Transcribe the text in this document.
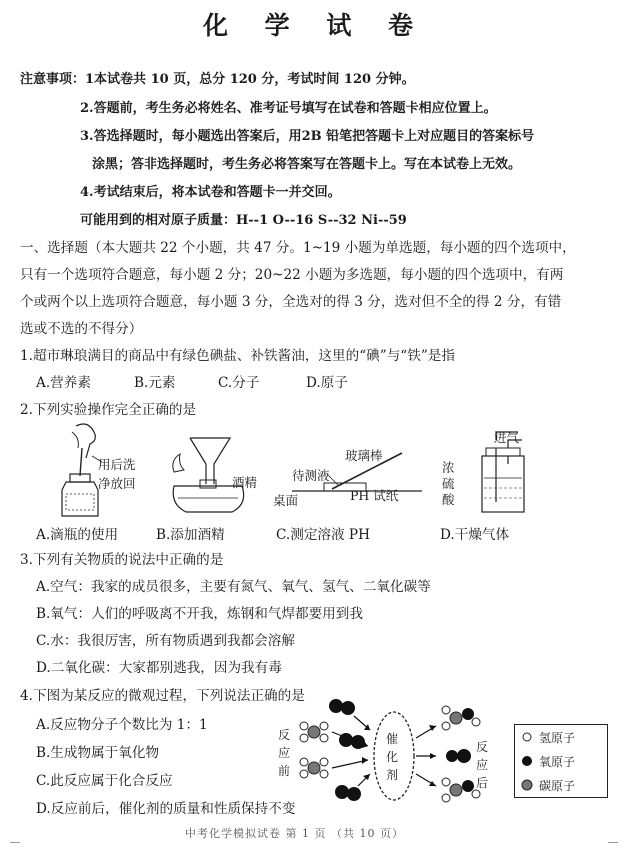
化 学 试 卷
注意事项：1本试卷共 10 页，总分 120 分，考试时间 120 分钟。
2.答题前，考生务必将姓名、准考证号填写在试卷和答题卡相应位置上。
3.答选择题时，每小题选出答案后，用2B 铅笔把答题卡上对应题目的答案标号
涂黑；答非选择题时，考生务必将答案写在答题卡上。写在本试卷上无效。
4.考试结束后，将本试卷和答题卡一并交回。
可能用到的相对原子质量：H--1 O--16 S--32 Ni--59
一、选择题（本大题共 22 个小题，共 47 分。1~19 小题为单选题，每小题的四个选项中，
只有一个选项符合题意，每小题 2 分；20~22 小题为多选题，每小题的四个选项中，有两
个或两个以上选项符合题意，每小题 3 分，全选对的得 3 分，选对但不全的得 2 分，有错
选或不选的不得分）
1.超市琳琅满目的商品中有绿色碘盐、补铁酱油，这里的“碘”与“铁”是指
A.营养素	B.元素	C.分子	D.原子
2.下列实验操作完全正确的是
用后洗
净放回	酒精
玻璃棒
待测液
桌面	PH 试纸
进气
浓
硫
酸
A.滴瓶的使用	B.添加酒精	C.测定溶液 PH	D.干燥气体
3.下列有关物质的说法中正确的是
A.空气：我家的成员很多，主要有氮气、氧气、氢气、二氧化碳等
B.氧气：人们的呼吸离不开我，炼钢和气焊都要用到我
C.水：我很厉害，所有物质遇到我都会溶解
D.二氧化碳：大家都别逃我，因为我有毒
4.下图为某反应的微观过程，下列说法正确的是
A.反应物分子个数比为 1：1
B.生成物属于氧化物
C.此反应属于化合反应
D.反应前后，催化剂的质量和性质保持不变
反
应
前
催
化
剂
反
应
后
氢原子
氧原子
碳原子
中考化学模拟试卷 第 1 页 （共 10 页）
